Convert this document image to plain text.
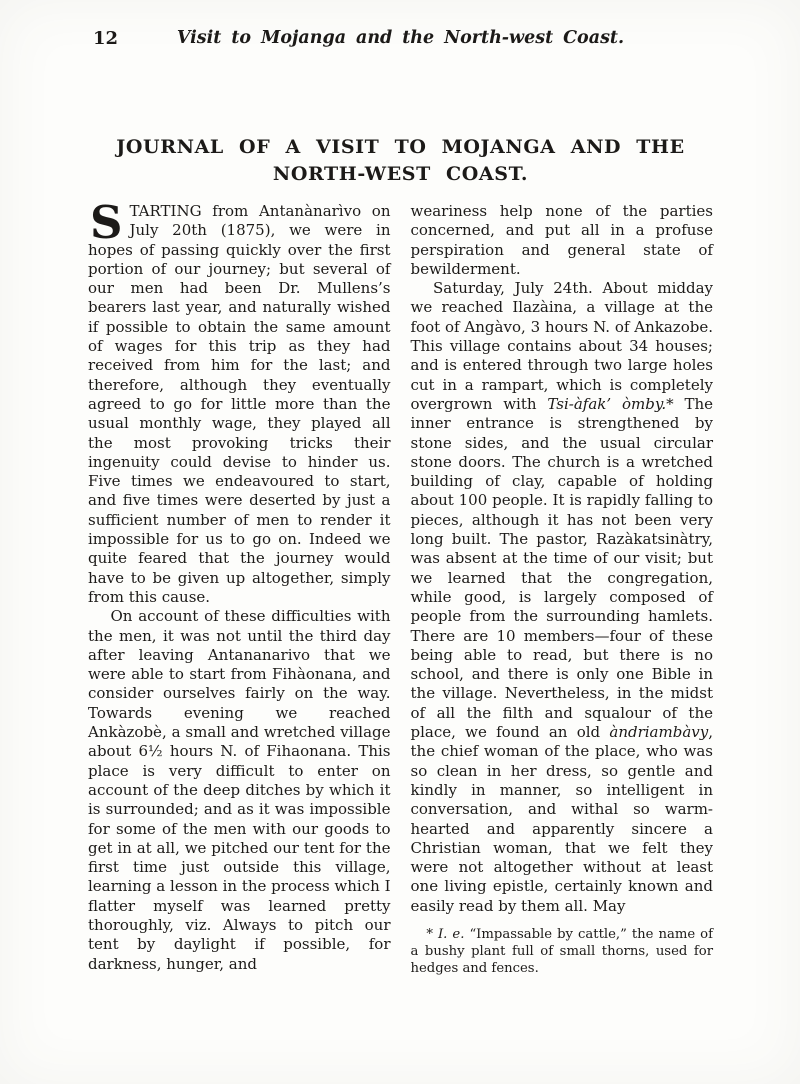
12	Visit to Mojanga and the North-west Coast.
JOURNAL OF A VISIT TO MOJANGA AND THE
NORTH-WEST COAST.

STARTING from Antanànarìvo on July 20th (1875), we were in hopes of passing quickly over the first portion of our journey; but several of our men had been Dr. Mullens’s bearers last year, and naturally wished if possible to obtain the same amount of wages for this trip as they had received from him for the last; and therefore, although they eventually agreed to go for little more than the usual monthly wage, they played all the most provoking tricks their ingenuity could devise to hinder us. Five times we endeavoured to start, and five times were deserted by just a sufficient number of men to render it impossible for us to go on. Indeed we quite feared that the journey would have to be given up altogether, simply from this cause.

On account of these difficulties with the men, it was not until the third day after leaving Antananarivo that we were able to start from Fihàonana, and consider ourselves fairly on the way. Towards evening we reached Ankàzobè, a small and wretched village about 6½ hours N. of Fihaonana. This place is very difficult to enter on account of the deep ditches by which it is surrounded; and as it was impossible for some of the men with our goods to get in at all, we pitched our tent for the first time just outside this village, learning a lesson in the process which I flatter myself was learned pretty thoroughly, viz. Always to pitch our tent by daylight if possible, for darkness, hunger, and

weariness help none of the parties concerned, and put all in a profuse perspiration and general state of bewilderment.

Saturday, July 24th. About midday we reached Ilazàina, a village at the foot of Angàvo, 3 hours N. of Ankazobe. This village contains about 34 houses; and is entered through two large holes cut in a rampart, which is completely overgrown with Tsi-àfak’ òmby.* The inner entrance is strengthened by stone sides, and the usual circular stone doors. The church is a wretched building of clay, capable of holding about 100 people. It is rapidly falling to pieces, although it has not been very long built. The pastor, Razàkatsinàtry, was absent at the time of our visit; but we learned that the congregation, while good, is largely composed of people from the surrounding hamlets. There are 10 members—four of these being able to read, but there is no school, and there is only one Bible in the village. Nevertheless, in the midst of all the filth and squalour of the place, we found an old àndriambàvy, the chief woman of the place, who was so clean in her dress, so gentle and kindly in manner, so intelligent in conversation, and withal so warm-hearted and apparently sincere a Christian woman, that we felt they were not altogether without at least one living epistle, certainly known and easily read by them all. May

* I. e. “Impassable by cattle,” the name of a bushy plant full of small thorns, used for hedges and fences.
